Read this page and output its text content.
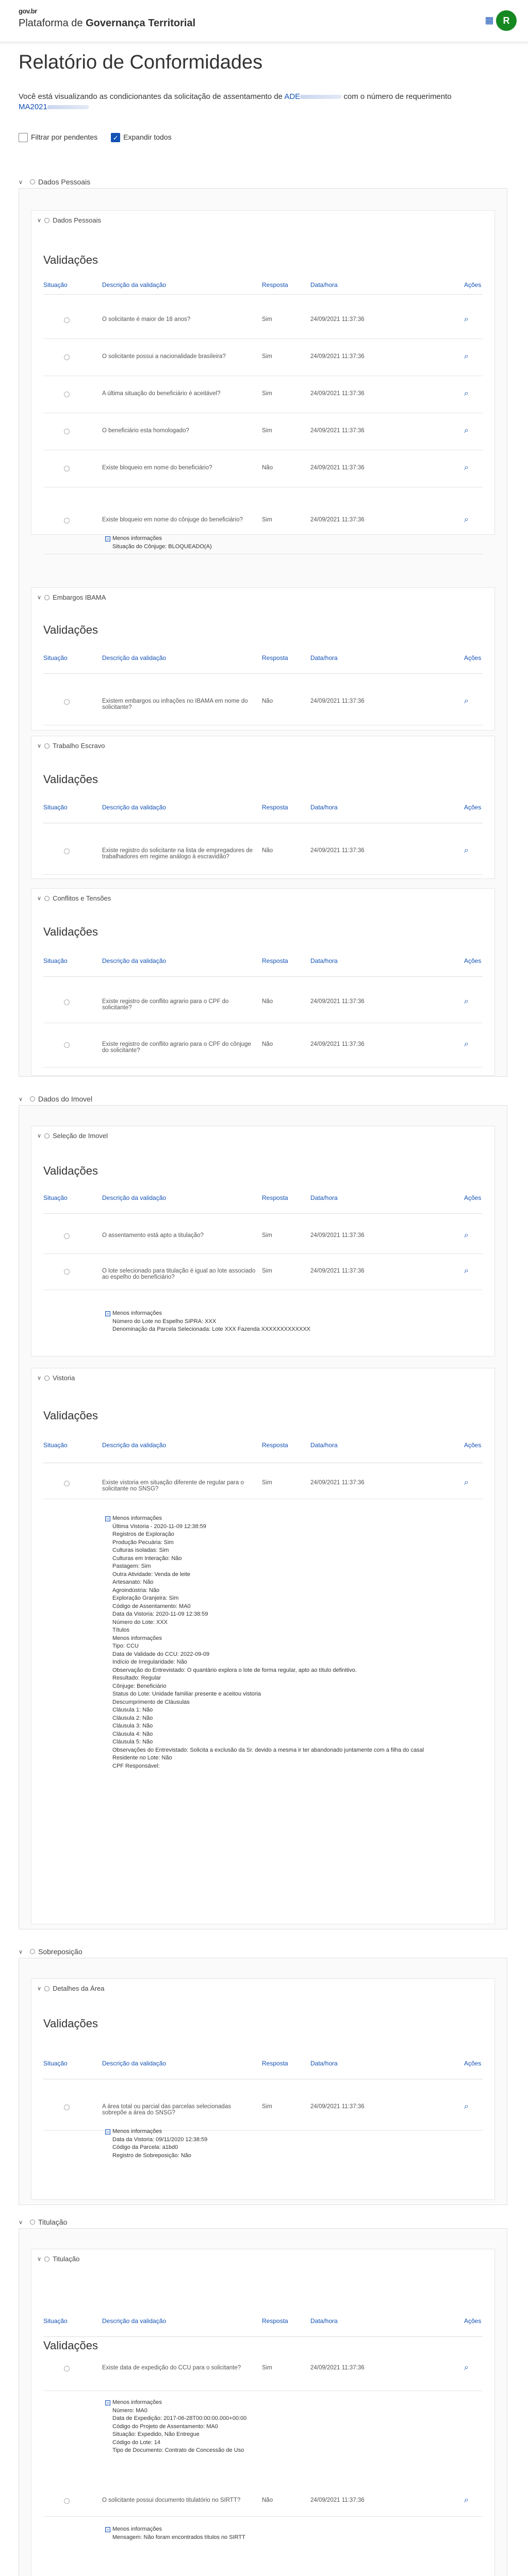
gov.br
Plataforma de Governança Territorial	▦	R
Relatório de Conformidades
Você está visualizando as condicionantes da solicitação de assentamento de ADE	com o número de requerimento MA2021
Filtrar por pendentes ✓ Expandir todos
∨	Dados Pessoais
∨ Dados Pessoais
Validações
Situação	Descrição da validação	Resposta	Data/hora	Ações
O solicitante é maior de 18 anos?	Sim	24/09/2021 11:37:36	⌕
O solicitante possui a nacionalidade brasileira?	Sim	24/09/2021 11:37:36	⌕
A última situação do beneficiário é aceitável?	Sim	24/09/2021 11:37:36	⌕
O beneficiário esta homologado?	Sim	24/09/2021 11:37:36	⌕
Existe bloqueio em nome do beneficiário?	Não	24/09/2021 11:37:36	⌕
Existe bloqueio em nome do cônjuge do beneficiário?	Sim	24/09/2021 11:37:36	⌕
− Menos informações
Situação do Cônjuge: BLOQUEADO(A)
∨ Embargos IBAMA
Validações
Situação	Descrição da validação	Resposta	Data/hora	Ações
Existem embargos ou infrações no IBAMA em nome do solicitante?
Não	24/09/2021 11:37:36	⌕
∨ Trabalho Escravo
Validações
Situação	Descrição da validação	Resposta	Data/hora	Ações
Existe registro do solicitante na lista de empregadores de trabalhadores em regime análogo à escravidão?
Não	24/09/2021 11:37:36	⌕
∨ Conflitos e Tensões
Validações
Situação	Descrição da validação	Resposta	Data/hora	Ações
Existe registro de conflito agrario para o CPF do solicitante?
Não	24/09/2021 11:37:36	⌕
Existe registro de conflito agrario para o CPF do cônjuge do solicitante?
Não	24/09/2021 11:37:36	⌕
∨	Dados do Imovel
∨ Seleção de Imovel
Validações
Situação	Descrição da validação	Resposta	Data/hora	Ações
O assentamento está apto a titulação?	Sim	24/09/2021 11:37:36	⌕
O lote selecionado para titulação é igual ao lote associado ao espelho do beneficiário?
Sim	24/09/2021 11:37:36	⌕
− Menos informações
Número do Lote no Espelho SIPRA: XXX
Denominação da Parcela Selecionada: Lote XXX Fazenda XXXXXXXXXXXXX
∨ Vistoria
Validações
Situação	Descrição da validação	Resposta	Data/hora	Ações
Existe vistoria em situação diferente de regular para o solicitante no SNSG?
Sim	24/09/2021 11:37:36	⌕
− Menos informações
Última Vistoria - 2020-11-09 12:38:59
Registros de Exploração
Produção Pecuária: Sim
Culturas isoladas: Sim
Culturas em Interação: Não
Pastagem: Sim
Outra Atividade: Venda de leite
Artesanato: Não
Agroindústria: Não
Exploração Granjeira: Sim
Código de Assentamento: MA0
Data da Vistoria: 2020-11-09 12:38:59
Número do Lote: XXX
Títulos
Menos informações
Tipo: CCU
Data de Validade do CCU: 2022-09-09
Indício de Irregularidade: Não
Observação do Entrevistado: O quantário explora o lote de forma regular, apto ao título definitivo.
Resultado: Regular
Cônjuge: Beneficiário
Status do Lote: Unidade familiar presente e aceitou vistoria
Descumprimento de Cláusulas
Cláusula 1: Não
Cláusula 2: Não
Cláusula 3: Não
Cláusula 4: Não
Cláusula 5: Não
Observações do Entrevistado: Solicita a exclusão da Sr. devido a mesma ir ter abandonado juntamente com a filha do casal
Residente no Lote: Não
CPF Responsável:
∨	Sobreposição
∨ Detalhes da Área
Validações
Situação	Descrição da validação	Resposta	Data/hora	Ações
A área total ou parcial das parcelas selecionadas sobrepõe a área do SNSG?
Sim	24/09/2021 11:37:36	⌕
− Menos informações
Data da Vistoria: 09/11/2020 12:38:59
Código da Parcela: a1bd0
Registro de Sobreposição: Não
∨	Titulação
∨ Titulação
Validações
Situação	Descrição da validação	Resposta	Data/hora	Ações
Existe data de expedição do CCU para o solicitante?	Sim	24/09/2021 11:37:36	⌕
− Menos informações
Número: MA0
Data de Expedição: 2017-06-28T00:00:00.000+00:00
Código do Projeto de Assentamento: MA0
Situação: Expedido, Não Entregue
Código do Lote: 14
Tipo de Documento: Contrato de Concessão de Uso
O solicitante possui documento titulatório no SIRTT?	Não	24/09/2021 11:37:36	⌕
− Menos informações
Mensagem: Não foram encontrados títulos no SIRTT
